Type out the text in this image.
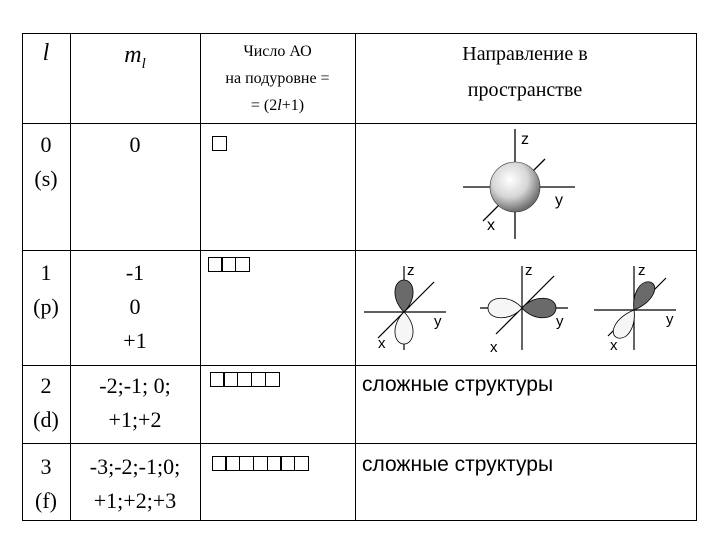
l	$m_l$
Число АО
на подуровне =
= (2l+1)
Направление в
пространстве
0
(s)
0	z
y
x
1
(p)
-1
0
+1
z
y
x
z
y
x
z
y
x
2
(d)
-2;-1; 0;
+1;+2
сложные структуры
3
(f)
-3;-2;-1;0;
+1;+2;+3
сложные структуры
